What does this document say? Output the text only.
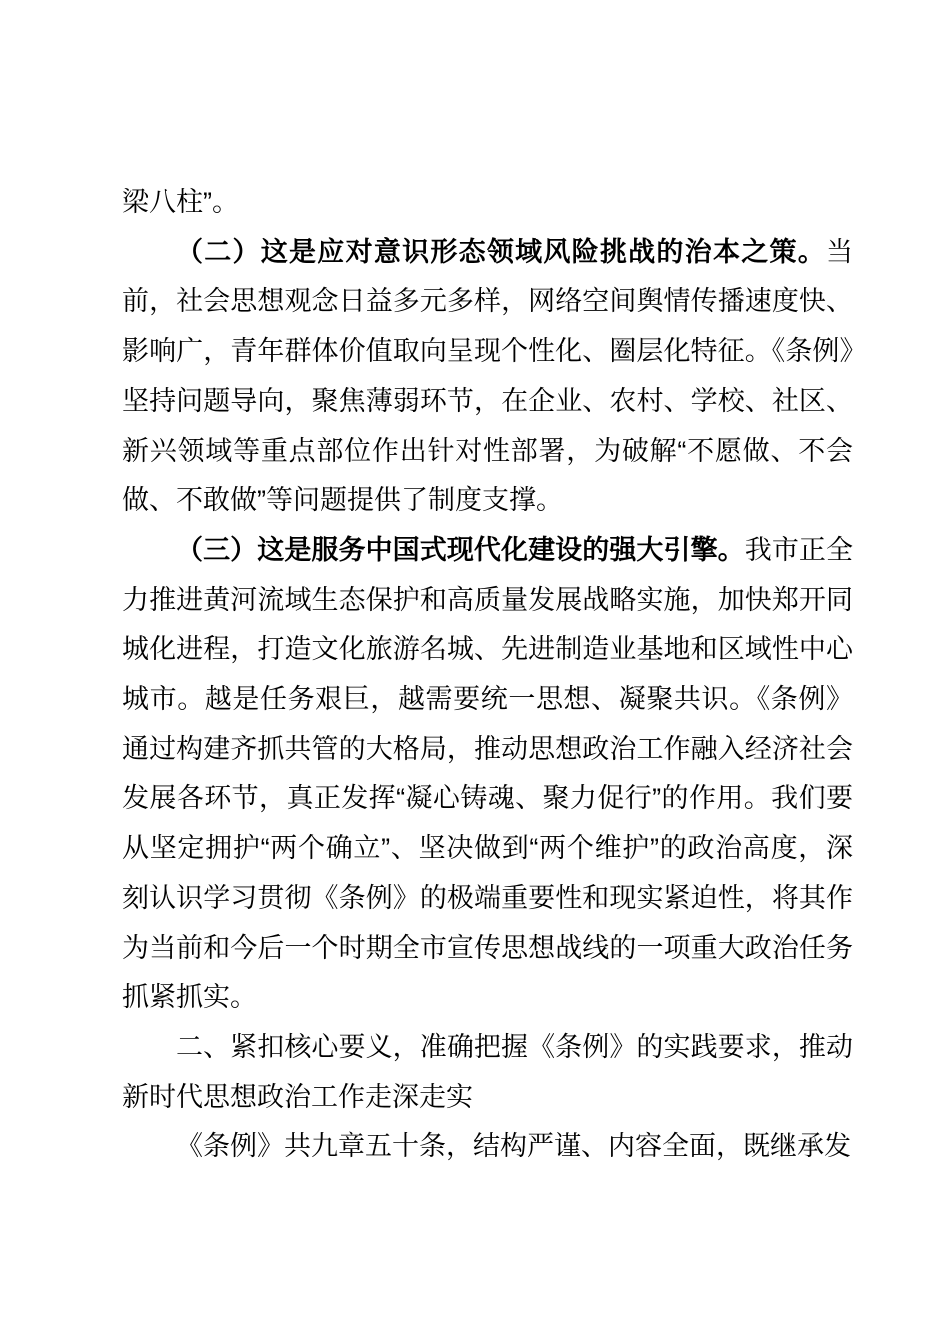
梁八柱”。

（二）这是应对意识形态领域风险挑战的治本之策。当前，社会思想观念日益多元多样，网络空间舆情传播速度快、影响广，青年群体价值取向呈现个性化、圈层化特征。《条例》坚持问题导向，聚焦薄弱环节，在企业、农村、学校、社区、新兴领域等重点部位作出针对性部署，为破解“不愿做、不会做、不敢做”等问题提供了制度支撑。

（三）这是服务中国式现代化建设的强大引擎。我市正全力推进黄河流域生态保护和高质量发展战略实施，加快郑开同城化进程，打造文化旅游名城、先进制造业基地和区域性中心城市。越是任务艰巨，越需要统一思想、凝聚共识。《条例》通过构建齐抓共管的大格局，推动思想政治工作融入经济社会发展各环节，真正发挥“凝心铸魂、聚力促行”的作用。我们要从坚定拥护“两个确立”、坚决做到“两个维护”的政治高度，深刻认识学习贯彻《条例》的极端重要性和现实紧迫性，将其作为当前和今后一个时期全市宣传思想战线的一项重大政治任务抓紧抓实。

二、紧扣核心要义，准确把握《条例》的实践要求，推动新时代思想政治工作走深走实

《条例》共九章五十条，结构严谨、内容全面，既继承发
